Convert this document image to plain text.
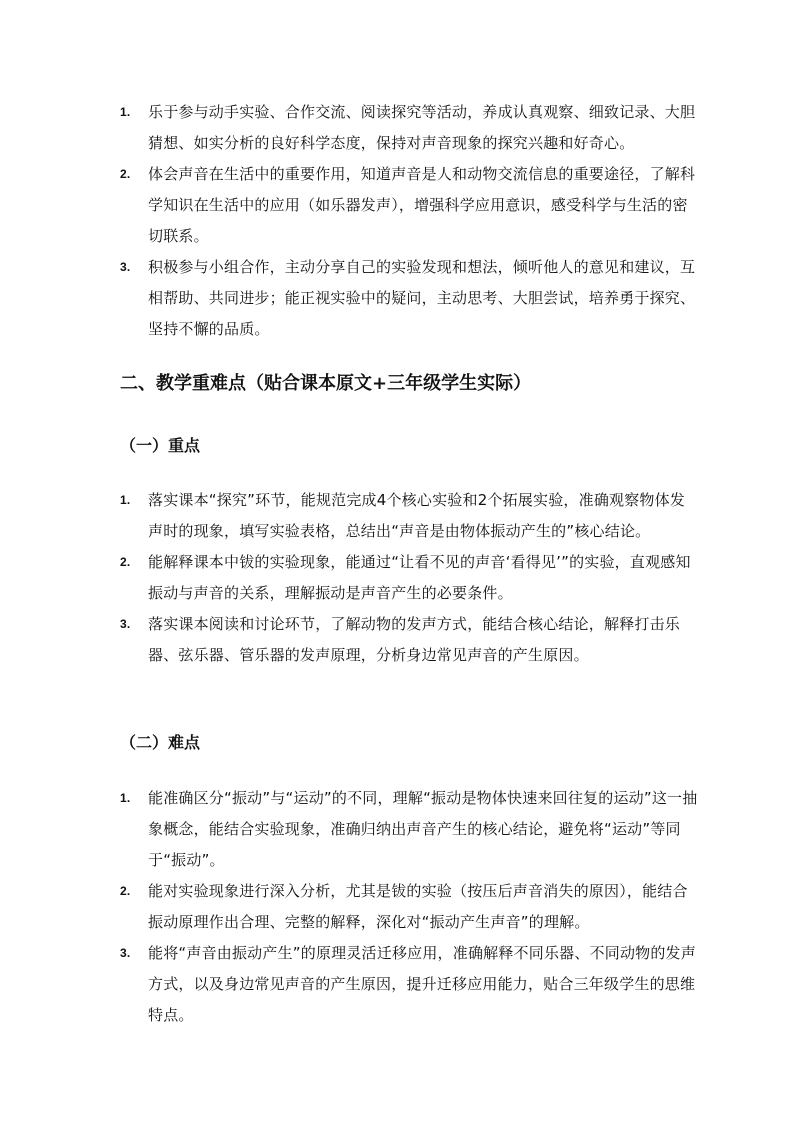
1. 乐于参与动手实验、合作交流、阅读探究等活动，养成认真观察、细致记录、大胆猜想、如实分析的良好科学态度，保持对声音现象的探究兴趣和好奇心。
2. 体会声音在生活中的重要作用，知道声音是人和动物交流信息的重要途径，了解科学知识在生活中的应用（如乐器发声），增强科学应用意识，感受科学与生活的密切联系。
3. 积极参与小组合作，主动分享自己的实验发现和想法，倾听他人的意见和建议，互相帮助、共同进步；能正视实验中的疑问，主动思考、大胆尝试，培养勇于探究、坚持不懈的品质。
二、教学重难点（贴合课本原文+三年级学生实际）
（一）重点
1. 落实课本“探究”环节，能规范完成4个核心实验和2个拓展实验，准确观察物体发声时的现象，填写实验表格，总结出“声音是由物体振动产生的”核心结论。
2. 能解释课本中钹的实验现象，能通过“让看不见的声音‘看得见’”的实验，直观感知振动与声音的关系，理解振动是声音产生的必要条件。
3. 落实课本阅读和讨论环节，了解动物的发声方式，能结合核心结论，解释打击乐器、弦乐器、管乐器的发声原理，分析身边常见声音的产生原因。
（二）难点
1. 能准确区分“振动”与“运动”的不同，理解“振动是物体快速来回往复的运动”这一抽象概念，能结合实验现象，准确归纳出声音产生的核心结论，避免将“运动”等同于“振动”。
2. 能对实验现象进行深入分析，尤其是钹的实验（按压后声音消失的原因），能结合振动原理作出合理、完整的解释，深化对“振动产生声音”的理解。
3. 能将“声音由振动产生”的原理灵活迁移应用，准确解释不同乐器、不同动物的发声方式，以及身边常见声音的产生原因，提升迁移应用能力，贴合三年级学生的思维特点。
